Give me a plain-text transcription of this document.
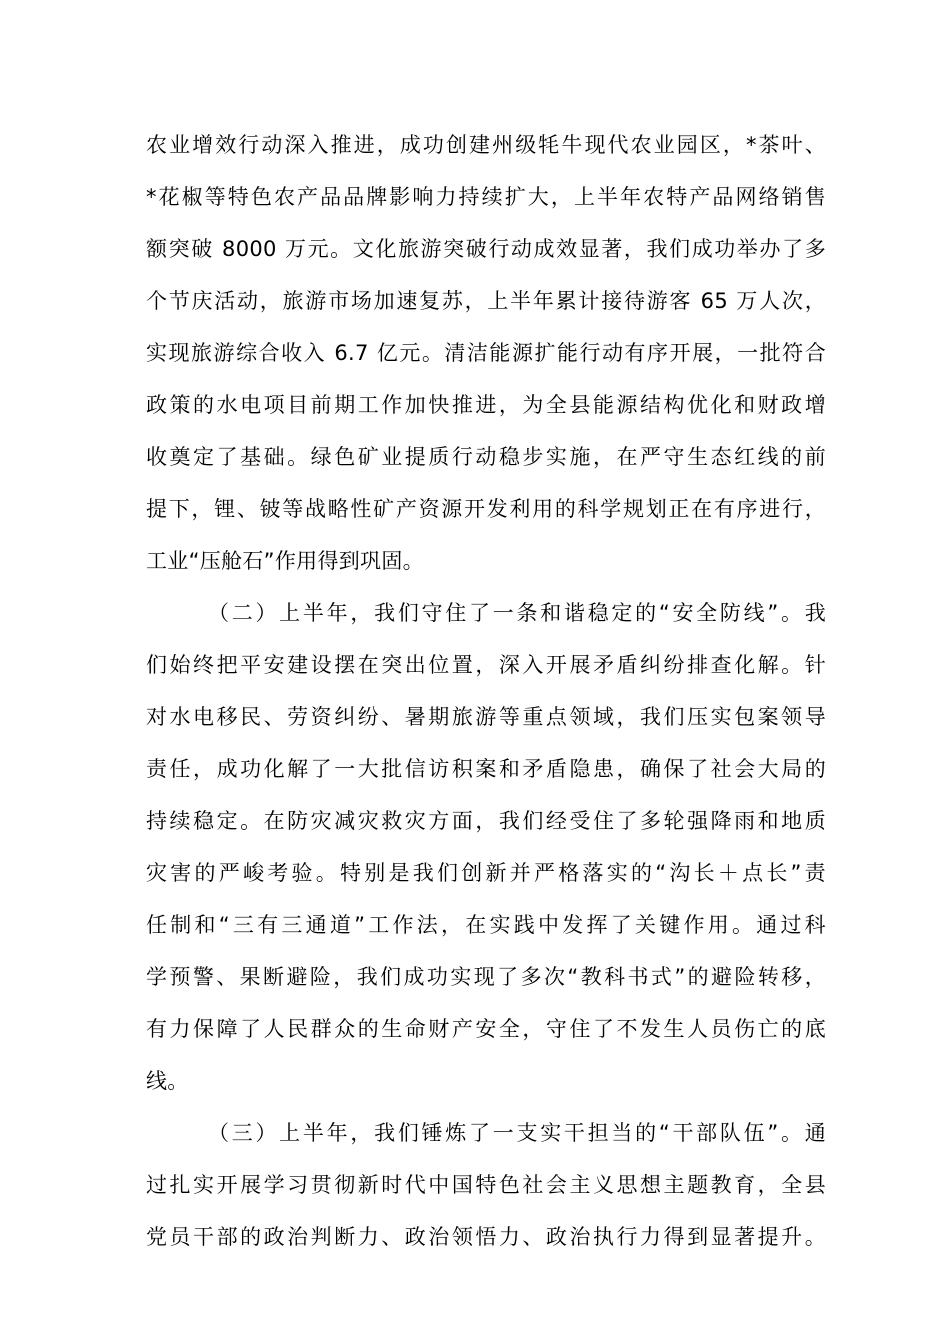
农业增效行动深入推进，成功创建州级牦牛现代农业园区，*茶叶、

*花椒等特色农产品品牌影响力持续扩大，上半年农特产品网络销售

额突破 8000 万元。文化旅游突破行动成效显著，我们成功举办了多

个节庆活动，旅游市场加速复苏，上半年累计接待游客 65 万人次，

实现旅游综合收入 6.7 亿元。清洁能源扩能行动有序开展，一批符合

政策的水电项目前期工作加快推进，为全县能源结构优化和财政增

收奠定了基础。绿色矿业提质行动稳步实施，在严守生态红线的前

提下，锂、铍等战略性矿产资源开发利用的科学规划正在有序进行，

工业“压舱石”作用得到巩固。

（二）上半年，我们守住了一条和谐稳定的“安全防线”。我

们始终把平安建设摆在突出位置，深入开展矛盾纠纷排查化解。针

对水电移民、劳资纠纷、暑期旅游等重点领域，我们压实包案领导

责任，成功化解了一大批信访积案和矛盾隐患，确保了社会大局的

持续稳定。在防灾减灾救灾方面，我们经受住了多轮强降雨和地质

灾害的严峻考验。特别是我们创新并严格落实的“沟长＋点长”责

任制和“三有三通道”工作法，在实践中发挥了关键作用。通过科

学预警、果断避险，我们成功实现了多次“教科书式”的避险转移，

有力保障了人民群众的生命财产安全，守住了不发生人员伤亡的底

线。

（三）上半年，我们锤炼了一支实干担当的“干部队伍”。通

过扎实开展学习贯彻新时代中国特色社会主义思想主题教育，全县

党员干部的政治判断力、政治领悟力、政治执行力得到显著提升。
